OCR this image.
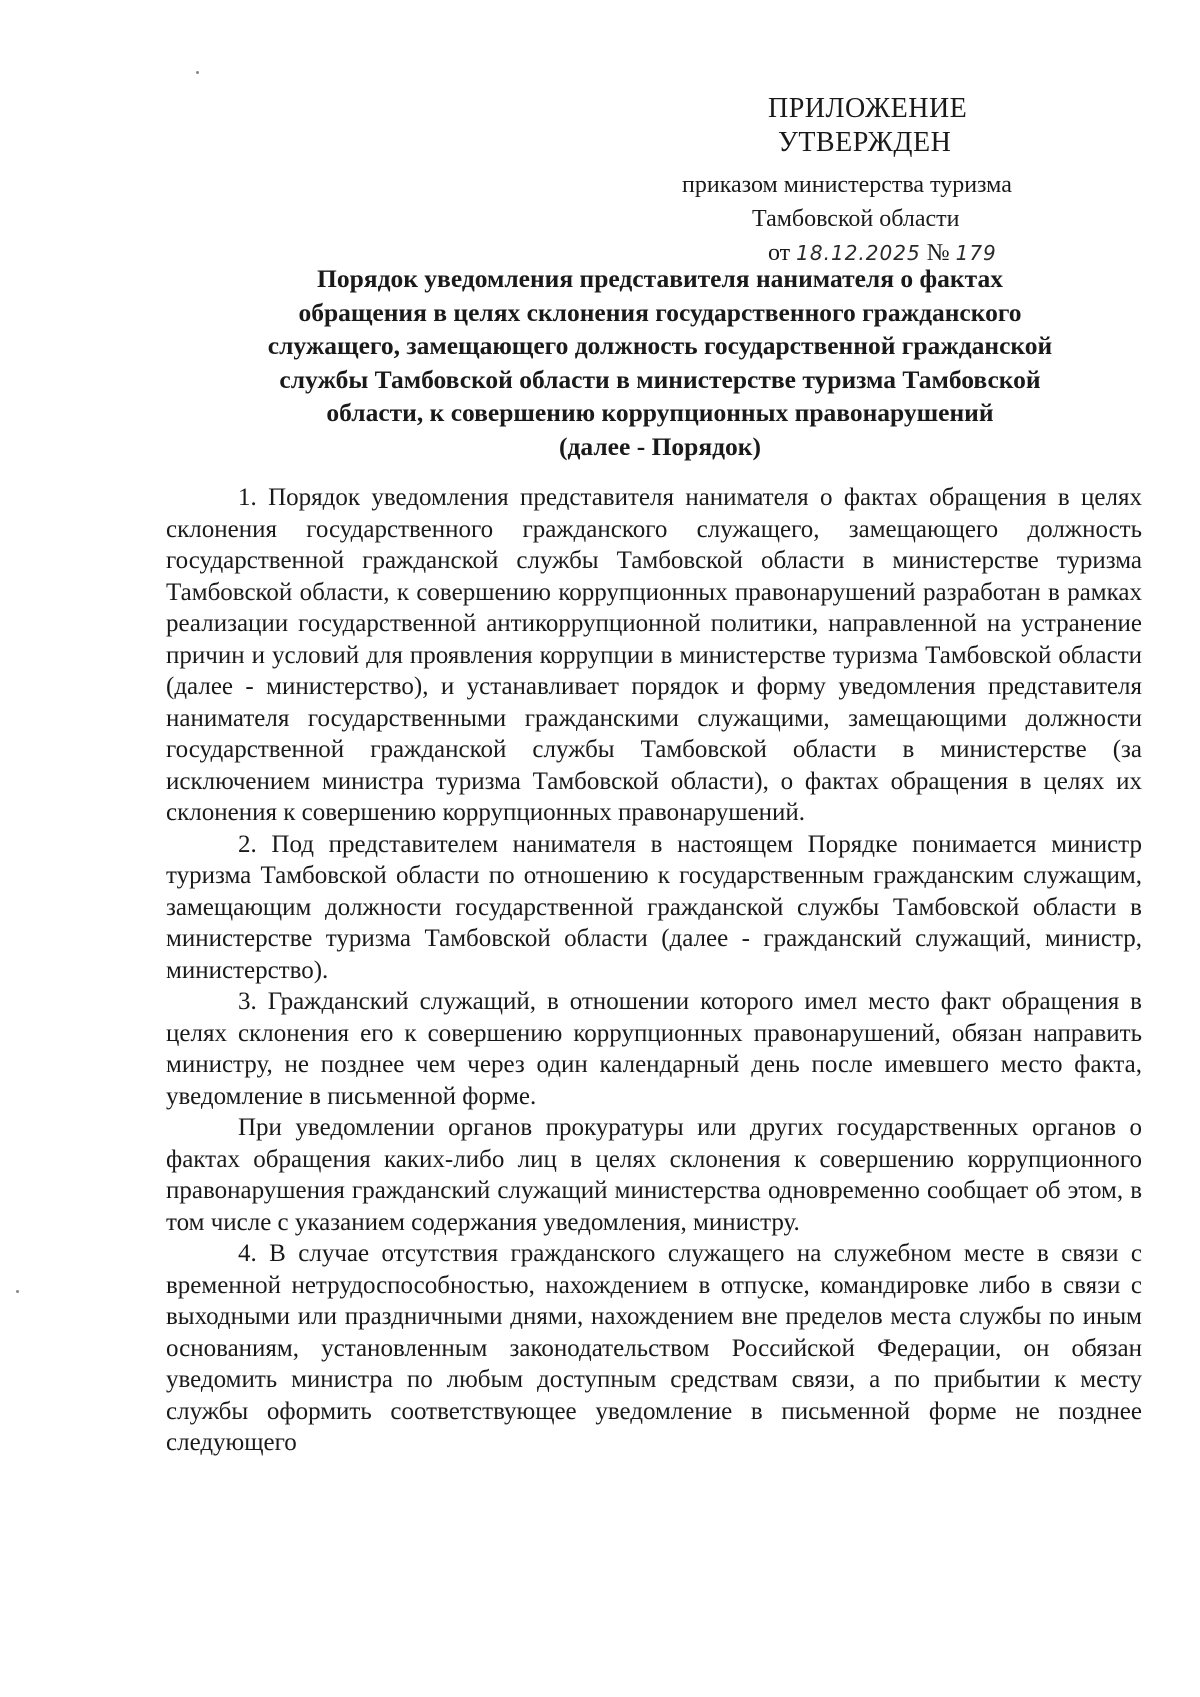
ПРИЛОЖЕНИЕ
УТВЕРЖДЕН
приказом министерства туризма
Тамбовской области
от 18.12.2025 № 179
Порядок уведомления представителя нанимателя о фактах
обращения в целях склонения государственного гражданского
служащего, замещающего должность государственной гражданской
службы Тамбовской области в министерстве туризма Тамбовской
области, к совершению коррупционных правонарушений
(далее - Порядок)

1. Порядок уведомления представителя нанимателя о фактах обращения в целях склонения государственного гражданского служащего, замещающего должность государственной гражданской службы Тамбовской области в министерстве туризма Тамбовской области, к совершению коррупционных правонарушений разработан в рамках реализации государственной антикоррупционной политики, направленной на устранение причин и условий для проявления коррупции в министерстве туризма Тамбовской области (далее - министерство), и устанавливает порядок и форму уведомления представителя нанимателя государственными гражданскими служащими, замещающими должности государственной гражданской службы Тамбовской области в министерстве (за исключением министра туризма Тамбовской области), о фактах обращения в целях их склонения к совершению коррупционных правонарушений.

2. Под представителем нанимателя в настоящем Порядке понимается министр туризма Тамбовской области по отношению к государственным гражданским служащим, замещающим должности государственной гражданской службы Тамбовской области в министерстве туризма Тамбовской области (далее - гражданский служащий, министр, министерство).

3. Гражданский служащий, в отношении которого имел место факт обращения в целях склонения его к совершению коррупционных правонарушений, обязан направить министру, не позднее чем через один календарный день после имевшего место факта, уведомление в письменной форме.

При уведомлении органов прокуратуры или других государственных органов о фактах обращения каких-либо лиц в целях склонения к совершению коррупционного правонарушения гражданский служащий министерства одновременно сообщает об этом, в том числе с указанием содержания уведомления, министру.

4. В случае отсутствия гражданского служащего на служебном месте в связи с временной нетрудоспособностью, нахождением в отпуске, командировке либо в связи с выходными или праздничными днями, нахождением вне пределов места службы по иным основаниям, установленным законодательством Российской Федерации, он обязан уведомить министра по любым доступным средствам связи, а по прибытии к месту службы оформить соответствующее уведомление в письменной форме не позднее следующего
